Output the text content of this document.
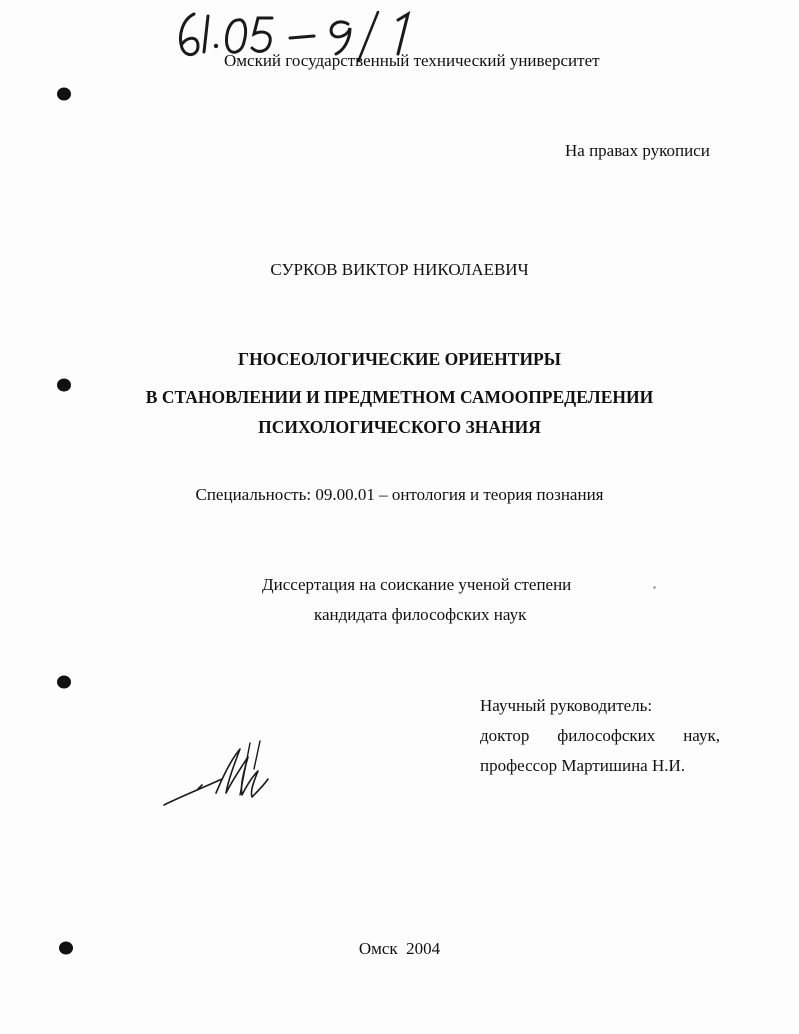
Омский государственный технический университет
На правах рукописи
СУРКОВ ВИКТОР НИКОЛАЕВИЧ
ГНОСЕОЛОГИЧЕСКИЕ ОРИЕНТИРЫ
В СТАНОВЛЕНИИ И ПРЕДМЕТНОМ САМООПРЕДЕЛЕНИИ
ПСИХОЛОГИЧЕСКОГО ЗНАНИЯ
Специальность: 09.00.01 – онтология и теория познания
Диссертация на соискание ученой степени
кандидата философских наук
Научный руководитель:
доктор философских наук,
профессор Мартишина Н.И.
Омск  2004
